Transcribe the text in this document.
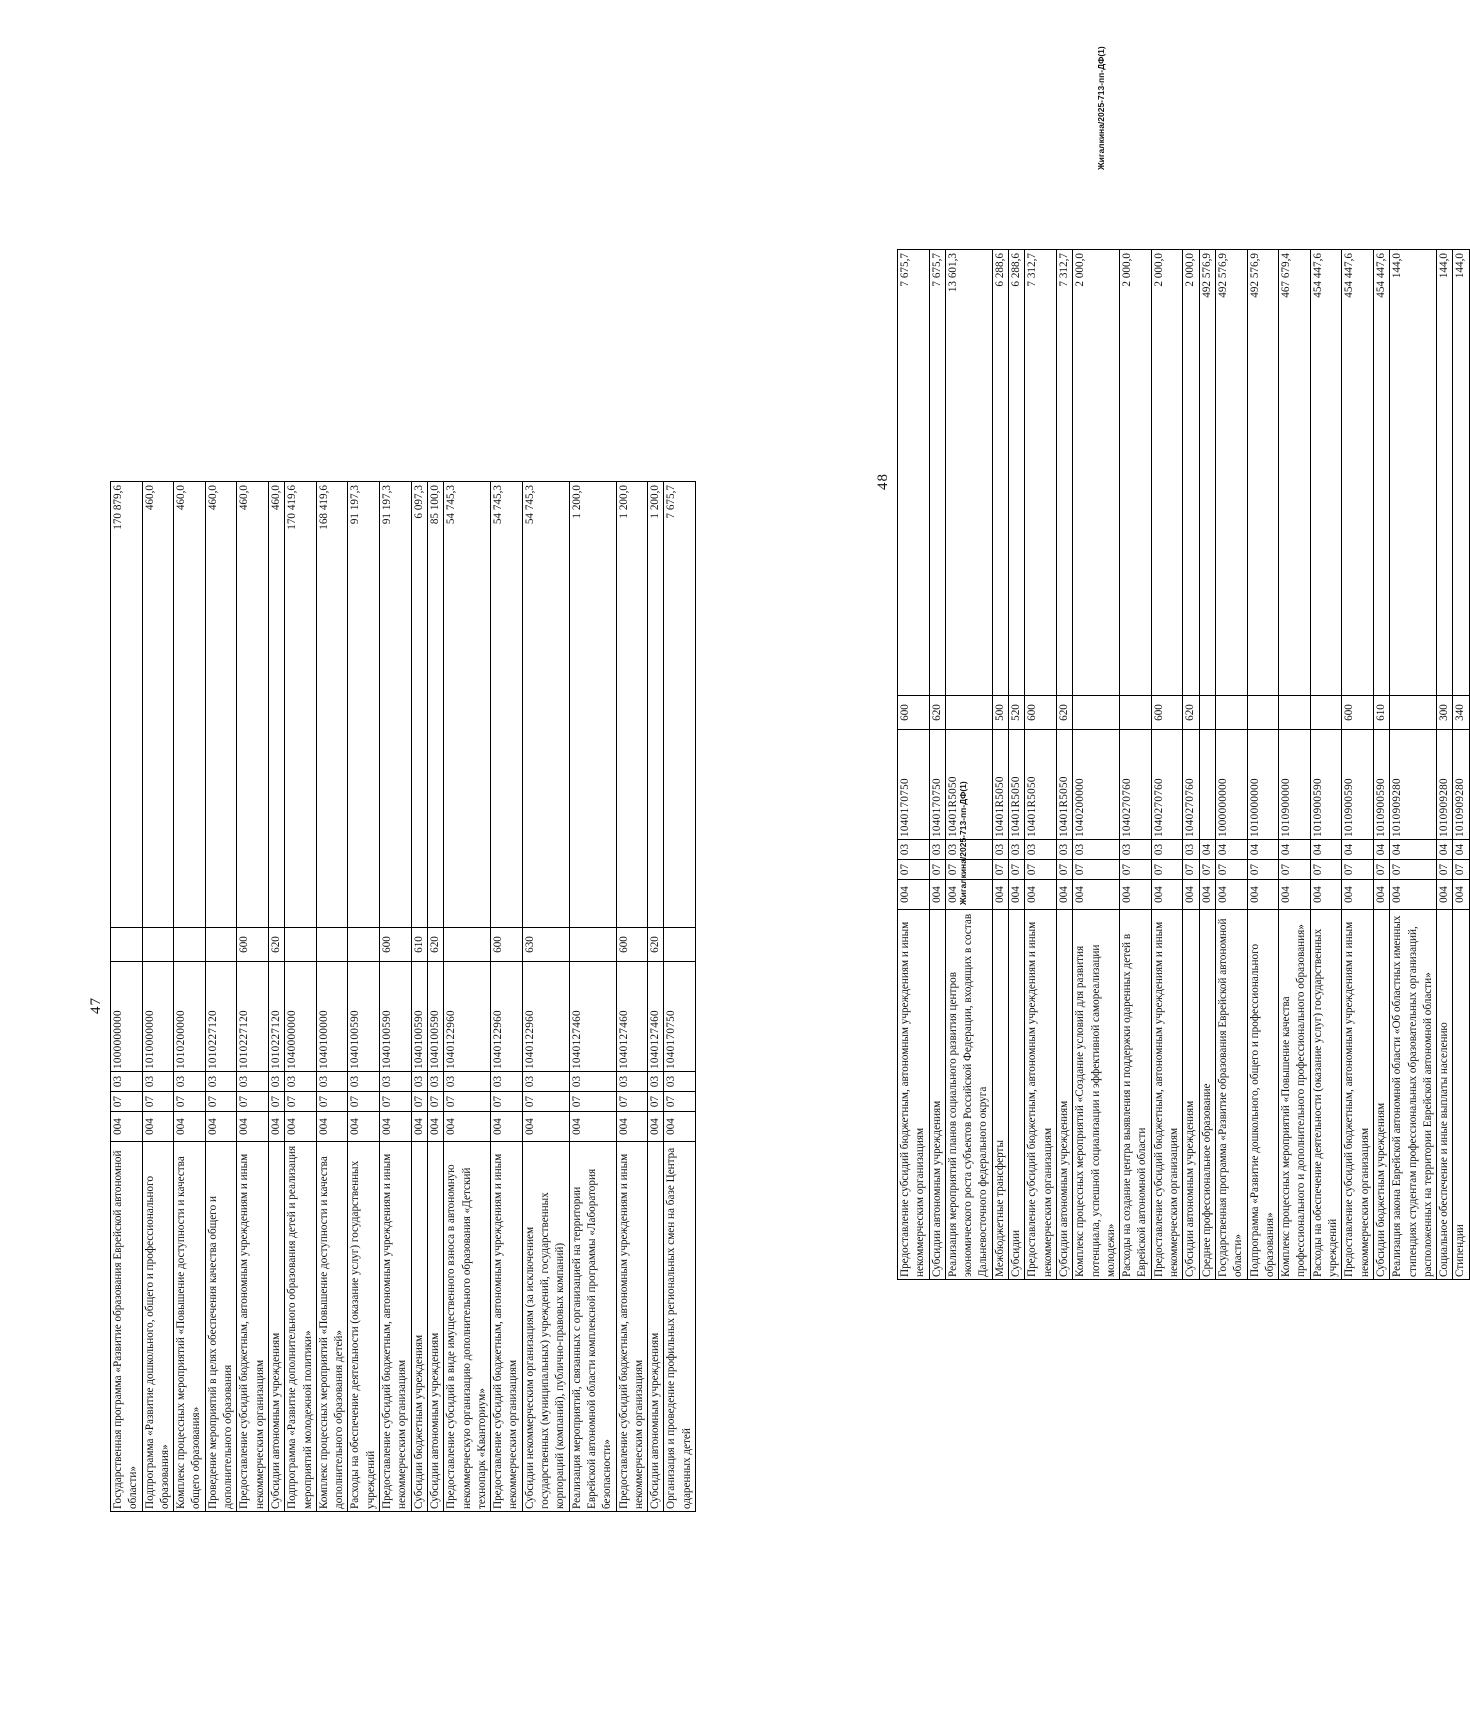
47
Государственная программа «Развитие образования Еврейской автономной области»	004	07	03	1000000000		170 879,6
Подпрограмма «Развитие дошкольного, общего и профессионального образования»	004	07	03	1010000000		460,0
Комплекс процессных мероприятий «Повышение доступности и качества общего образования»	004	07	03	1010200000		460,0
Проведение мероприятий в целях обеспечения качества общего и дополнительного образования	004	07	03	1010227120		460,0
Предоставление субсидий бюджетным, автономным учреждениям и иным некоммерческим организациям	004	07	03	1010227120	600	460,0
Субсидии автономным учреждениям	004	07	03	1010227120	620	460,0
Подпрограмма «Развитие дополнительного образования детей и реализация мероприятий молодежной политики»	004	07	03	1040000000		170 419,6
Комплекс процессных мероприятий «Повышение доступности и качества дополнительного образования детей»	004	07	03	1040100000		168 419,6
Расходы на обеспечение деятельности (оказание услуг) государственных учреждений	004	07	03	1040100590		91 197,3
Предоставление субсидий бюджетным, автономным учреждениям и иным некоммерческим организациям	004	07	03	1040100590	600	91 197,3
Субсидии бюджетным учреждениям	004	07	03	1040100590	610	6 097,3
Субсидии автономным учреждениям	004	07	03	1040100590	620	85 100,0
Предоставление субсидий в виде имущественного взноса в автономную некоммерческую организацию дополнительного образования «Детский технопарк «Кванториум»	004	07	03	1040122960		54 745,3
Предоставление субсидий бюджетным, автономным учреждениям и иным некоммерческим организациям	004	07	03	1040122960	600	54 745,3
Субсидии некоммерческим организациям (за исключением государственных (муниципальных) учреждений, государственных корпораций (компаний), публично-правовых компаний)	004	07	03	1040122960	630	54 745,3
Реализация мероприятий, связанных с организацией на территории Еврейской автономной области комплексной программы «Лаборатория безопасности»	004	07	03	1040127460		1 200,0
Предоставление субсидий бюджетным, автономным учреждениям и иным некоммерческим организациям	004	07	03	1040127460	600	1 200,0
Субсидии автономным учреждениям	004	07	03	1040127460	620	1 200,0
Организация и проведение профильных региональных смен на базе Центра одаренных детей	004	07	03	1040170750		7 675,7
Жигалкина/2025-713-пп-ДФ(1)
48
Предоставление субсидий бюджетным, автономным учреждениям и иным некоммерческим организациям	004	07	03	1040170750	600	7 675,7
Субсидии автономным учреждениям	004	07	03	1040170750	620	7 675,7
Реализация мероприятий планов социального развития центров экономического роста субъектов Российской Федерации, входящих в состав Дальневосточного федерального округа	004	07	03	10401R5050		13 601,3
Межбюджетные трансферты	004	07	03	10401R5050	500	6 288,6
Субсидии	004	07	03	10401R5050	520	6 288,6
Предоставление субсидий бюджетным, автономным учреждениям и иным некоммерческим организациям	004	07	03	10401R5050	600	7 312,7
Субсидии автономным учреждениям	004	07	03	10401R5050	620	7 312,7
Комплекс процессных мероприятий «Создание условий для развития потенциала, успешной социализации и эффективной самореализации молодежи»	004	07	03	1040200000		2 000,0
Расходы на создание центра выявления и поддержки одаренных детей в Еврейской автономной области	004	07	03	1040270760		2 000,0
Предоставление субсидий бюджетным, автономным учреждениям и иным некоммерческим организациям	004	07	03	1040270760	600	2 000,0
Субсидии автономным учреждениям	004	07	03	1040270760	620	2 000,0
Среднее профессиональное образование	004	07	04			492 576,9
Государственная программа «Развитие образования Еврейской автономной области»	004	07	04	1000000000		492 576,9
Подпрограмма «Развитие дошкольного, общего и профессионального образования»	004	07	04	1010000000		492 576,9
Комплекс процессных мероприятий «Повышение качества профессионального и дополнительного профессионального образования»	004	07	04	1010900000		467 679,4
Расходы на обеспечение деятельности (оказание услуг) государственных учреждений	004	07	04	1010900590		454 447,6
Предоставление субсидий бюджетным, автономным учреждениям и иным некоммерческим организациям	004	07	04	1010900590	600	454 447,6
Субсидии бюджетным учреждениям	004	07	04	1010900590	610	454 447,6
Реализация закона Еврейской автономной области «Об областных именных стипендиях студентам профессиональных образовательных организаций, расположенных на территории Еврейской автономной области»	004	07	04	1010909280		144,0
Социальное обеспечение и иные выплаты населению	004	07	04	1010909280	300	144,0
Стипендии	004	07	04	1010909280	340	144,0
Жигалкина/2025-713-пп-ДФ(1)
